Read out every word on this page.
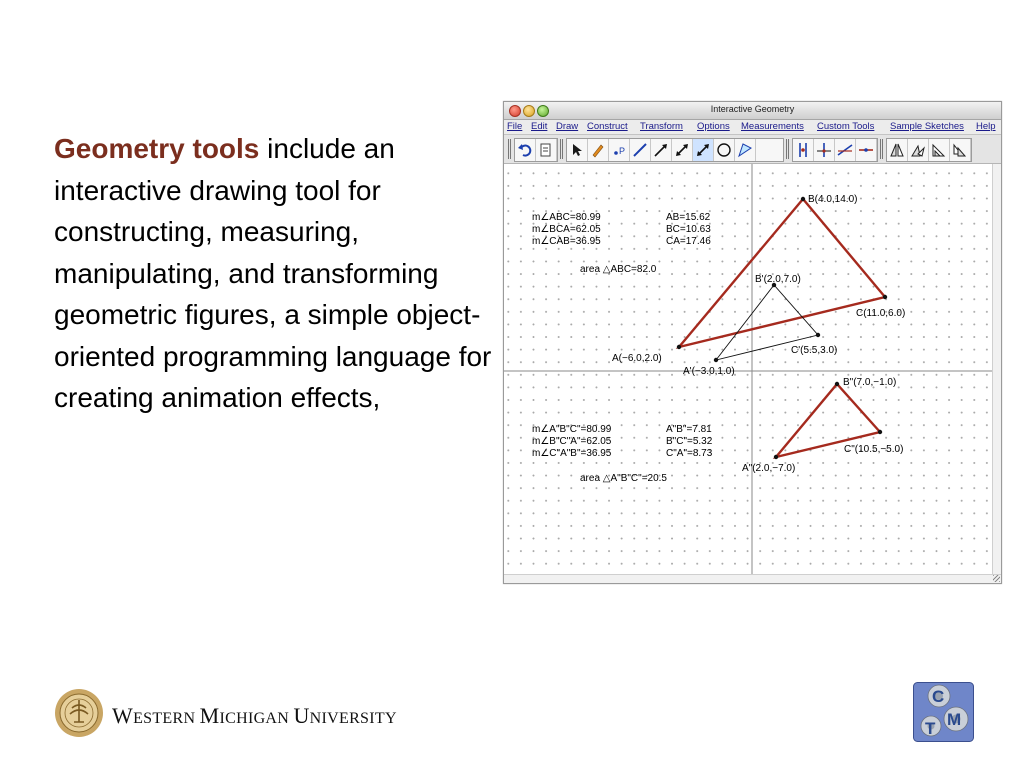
Geometry tools include an interactive drawing tool for constructing, measuring, manipulating, and transforming geometric figures, a simple object-oriented programming language for creating animation effects,
Interactive Geometry
File Edit Draw Construct Transform Options Measurements Custom Tools Sample Sketches Help
P
m∠ABC=80.99
m∠BCA=62.05
m∠CAB=36.95
AB=15.62
BC=10.63
CA=17.46
area △ABC=82.0
m∠A"B"C"=80.99
m∠B"C"A"=62.05
m∠C"A"B"=36.95
A"B"=7.81
B"C"=5.32
C"A"=8.73
area △A"B"C"=20.5
A(−6.0,2.0)
B(4.0,14.0)
C(11.0,6.0)
A'(−3.0,1.0)
B'(2.0,7.0)
C'(5.5,3.0)
A"(2.0,−7.0)
B"(7.0,−1.0)
C"(10.5,−5.0)
WESTERN MICHIGAN UNIVERSITY
C
T M
